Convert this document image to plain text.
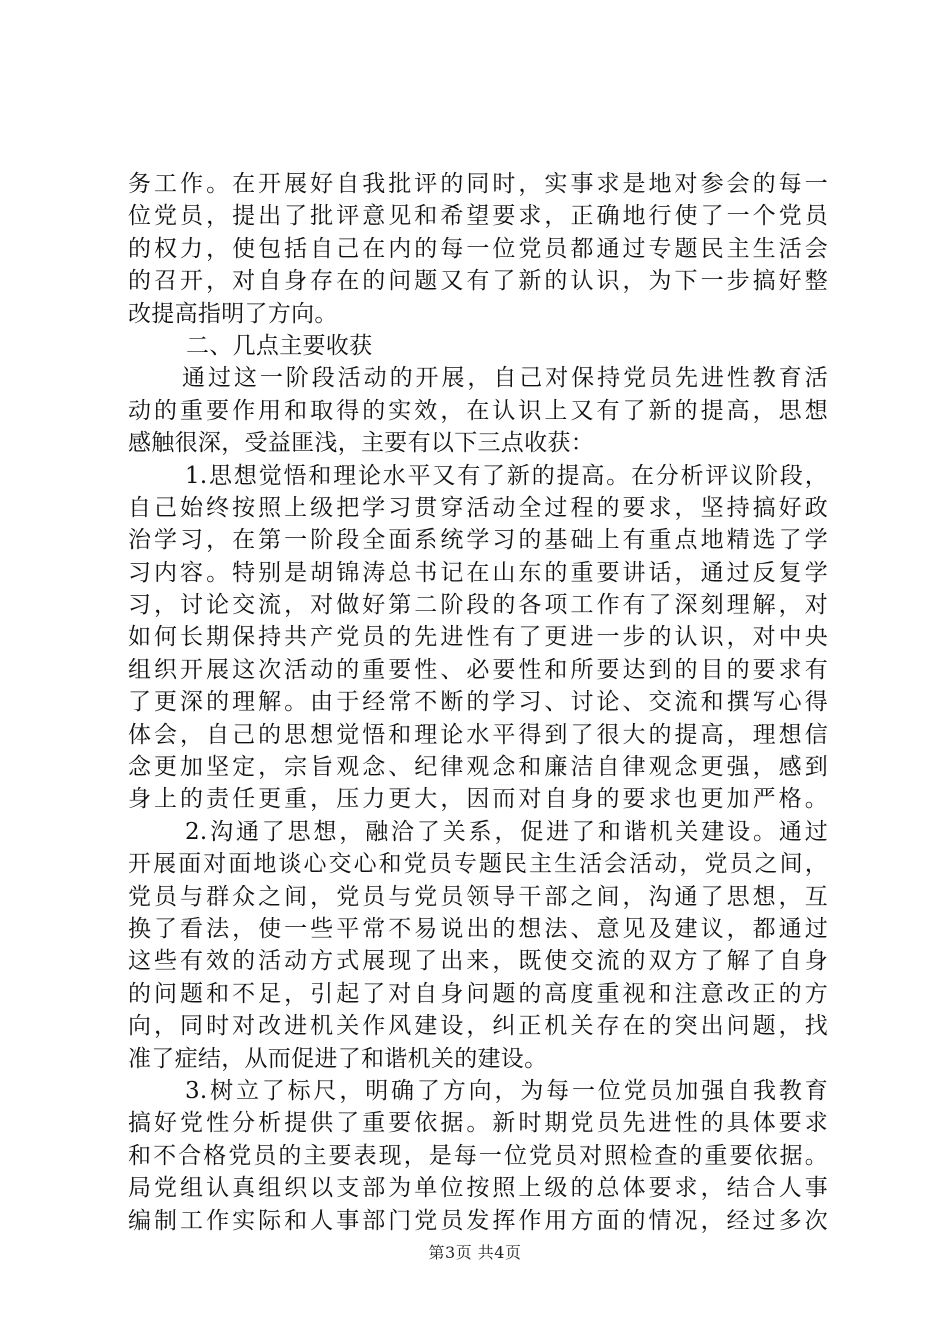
务工作。在开展好自我批评的同时，实事求是地对参会的每一
位党员，提出了批评意见和希望要求，正确地行使了一个党员
的权力，使包括自己在内的每一位党员都通过专题民主生活会
的召开，对自身存在的问题又有了新的认识，为下一步搞好整
改提高指明了方向。
二、几点主要收获
通过这一阶段活动的开展，自己对保持党员先进性教育活
动的重要作用和取得的实效，在认识上又有了新的提高，思想
感触很深，受益匪浅，主要有以下三点收获：
1.思想觉悟和理论水平又有了新的提高。在分析评议阶段，
自己始终按照上级把学习贯穿活动全过程的要求，坚持搞好政
治学习，在第一阶段全面系统学习的基础上有重点地精选了学
习内容。特别是胡锦涛总书记在山东的重要讲话，通过反复学
习，讨论交流，对做好第二阶段的各项工作有了深刻理解，对
如何长期保持共产党员的先进性有了更进一步的认识，对中央
组织开展这次活动的重要性、必要性和所要达到的目的要求有
了更深的理解。由于经常不断的学习、讨论、交流和撰写心得
体会，自己的思想觉悟和理论水平得到了很大的提高，理想信
念更加坚定，宗旨观念、纪律观念和廉洁自律观念更强，感到
身上的责任更重，压力更大，因而对自身的要求也更加严格。
2.沟通了思想，融洽了关系，促进了和谐机关建设。通过
开展面对面地谈心交心和党员专题民主生活会活动，党员之间，
党员与群众之间，党员与党员领导干部之间，沟通了思想，互
换了看法，使一些平常不易说出的想法、意见及建议，都通过
这些有效的活动方式展现了出来，既使交流的双方了解了自身
的问题和不足，引起了对自身问题的高度重视和注意改正的方
向，同时对改进机关作风建设，纠正机关存在的突出问题，找
准了症结，从而促进了和谐机关的建设。
3.树立了标尺，明确了方向，为每一位党员加强自我教育
搞好党性分析提供了重要依据。新时期党员先进性的具体要求
和不合格党员的主要表现，是每一位党员对照检查的重要依据。
局党组认真组织以支部为单位按照上级的总体要求，结合人事
编制工作实际和人事部门党员发挥作用方面的情况，经过多次
第3页 共4页
